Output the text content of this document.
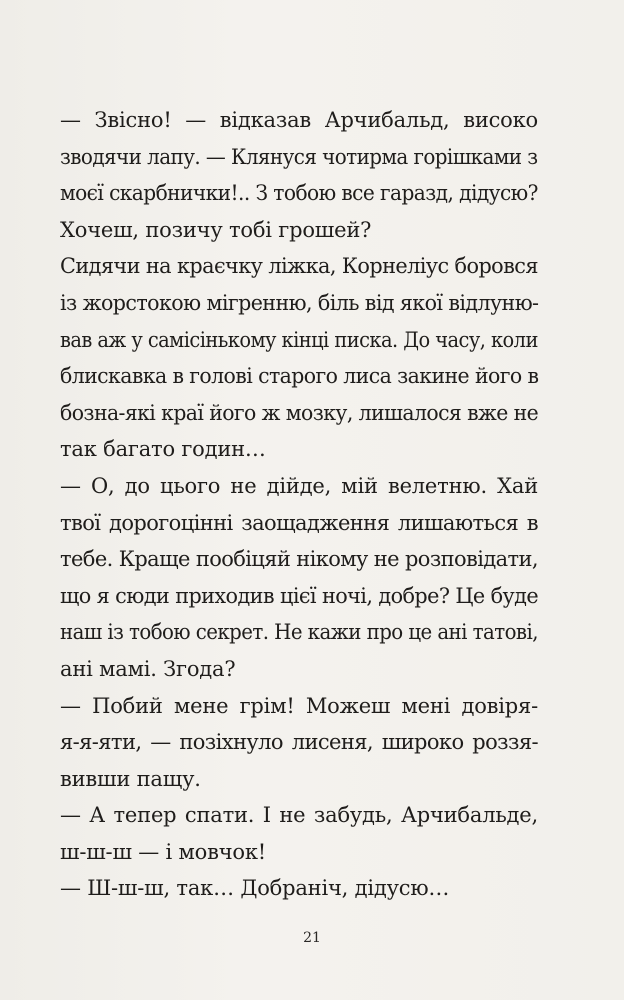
— Звісно! — відказав Арчибальд, високо
зводячи лапу. — Клянуся чотирма горішками з
моєї скарбнички!.. З тобою все гаразд, дідусю?
Хочеш, позичу тобі грошей?

Сидячи на краєчку ліжка, Корнеліус боровся
із жорстокою мігренню, біль від якої відлуню-
вав аж у самісінькому кінці писка. До часу, коли
блискавка в голові старого лиса закине його в
бозна-які краї його ж мозку, лишалося вже не
так багато годин…

— О, до цього не дійде, мій велетню. Хай
твої дорогоцінні заощадження лишаються в
тебе. Краще пообіцяй нікому не розповідати,
що я сюди приходив цієї ночі, добре? Це буде
наш із тобою секрет. Не кажи про це ані татові,
ані мамі. Згода?

— Побий мене грім! Можеш мені довіря-
я-я-яти, — позіхнуло лисеня, широко роззя-
вивши пащу.

— А тепер спати. І не забудь, Арчибальде,
ш-ш-ш — і мовчок!

— Ш-ш-ш, так… Добраніч, дідусю…

21
